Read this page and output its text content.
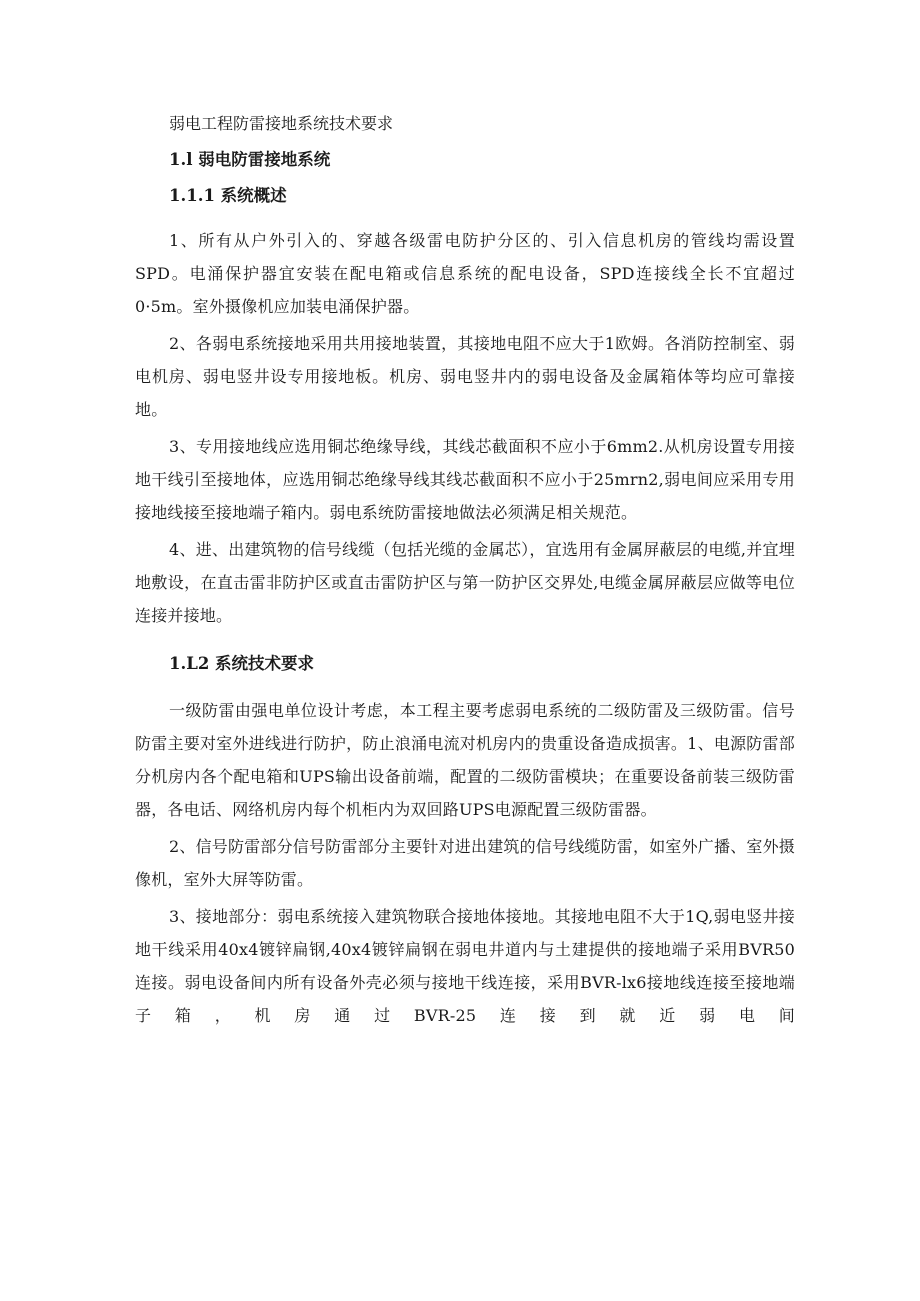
弱电工程防雷接地系统技术要求

1.l 弱电防雷接地系统

1.1.1 系统概述

1、所有从户外引入的、穿越各级雷电防护分区的、引入信息机房的管线均需设置SPD。电涌保护器宜安装在配电箱或信息系统的配电设备，SPD连接线全长不宜超过0·5m。室外摄像机应加装电涌保护器。

2、各弱电系统接地采用共用接地装置，其接地电阻不应大于1欧姆。各消防控制室、弱电机房、弱电竖井设专用接地板。机房、弱电竖井内的弱电设备及金属箱体等均应可靠接地。

3、专用接地线应选用铜芯绝缘导线，其线芯截面积不应小于6mm2.从机房设置专用接地干线引至接地体，应选用铜芯绝缘导线其线芯截面积不应小于25mrn2,弱电间应采用专用接地线接至接地端子箱内。弱电系统防雷接地做法必须满足相关规范。

4、进、出建筑物的信号线缆（包括光缆的金属芯），宜选用有金属屏蔽层的电缆,并宜埋地敷设，在直击雷非防护区或直击雷防护区与第一防护区交界处,电缆金属屏蔽层应做等电位连接并接地。

1.L2 系统技术要求

一级防雷由强电单位设计考虑，本工程主要考虑弱电系统的二级防雷及三级防雷。信号防雷主要对室外进线进行防护，防止浪涌电流对机房内的贵重设备造成损害。1、电源防雷部分机房内各个配电箱和UPS输出设备前端，配置的二级防雷模块；在重要设备前装三级防雷器，各电话、网络机房内每个机柜内为双回路UPS电源配置三级防雷器。

2、信号防雷部分信号防雷部分主要针对进出建筑的信号线缆防雷，如室外广播、室外摄像机，室外大屏等防雷。

3、接地部分：弱电系统接入建筑物联合接地体接地。其接地电阻不大于1Q,弱电竖井接地干线采用40x4镀锌扁钢,40x4镀锌扁钢在弱电井道内与土建提供的接地端子采用BVR50连接。弱电设备间内所有设备外壳必须与接地干线连接，采用BVR-lx6接地线连接至接地端子箱，机房通过BVR-25连接到就近弱电间
